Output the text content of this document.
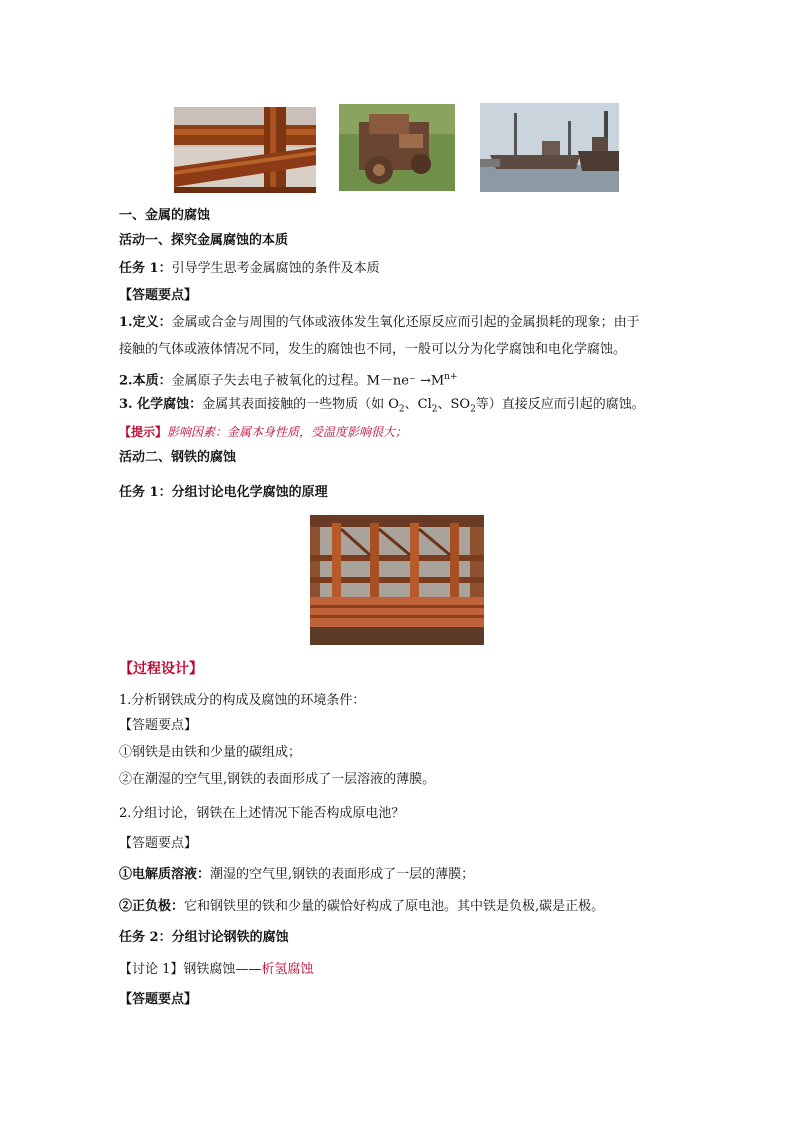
一、金属的腐蚀
活动一、探究金属腐蚀的本质
任务 1：引导学生思考金属腐蚀的条件及本质
【答题要点】
1.定义：金属或合金与周围的气体或液体发生氧化还原反应而引起的金属损耗的现象；由于
接触的气体或液体情况不同，发生的腐蚀也不同，一般可以分为化学腐蚀和电化学腐蚀。
2.本质：金属原子失去电子被氧化的过程。$M-ne^- \to M^{n+}$
3. 化学腐蚀：金属其表面接触的一些物质（如 $O_2$、$Cl_2$、$SO_2$等）直接反应而引起的腐蚀。
【提示】影响因素：金属本身性质，受温度影响很大；
活动二、钢铁的腐蚀
任务 1：分组讨论电化学腐蚀的原理
【过程设计】
1.分析钢铁成分的构成及腐蚀的环境条件：
【答题要点】
①钢铁是由铁和少量的碳组成；
②在潮湿的空气里,钢铁的表面形成了一层溶液的薄膜。
2.分组讨论，钢铁在上述情况下能否构成原电池？
【答题要点】
①电解质溶液：潮湿的空气里,钢铁的表面形成了一层的薄膜；
②正负极：它和钢铁里的铁和少量的碳恰好构成了原电池。其中铁是负极,碳是正极。
任务 2：分组讨论钢铁的腐蚀
【讨论 1】钢铁腐蚀——析氢腐蚀
【答题要点】
